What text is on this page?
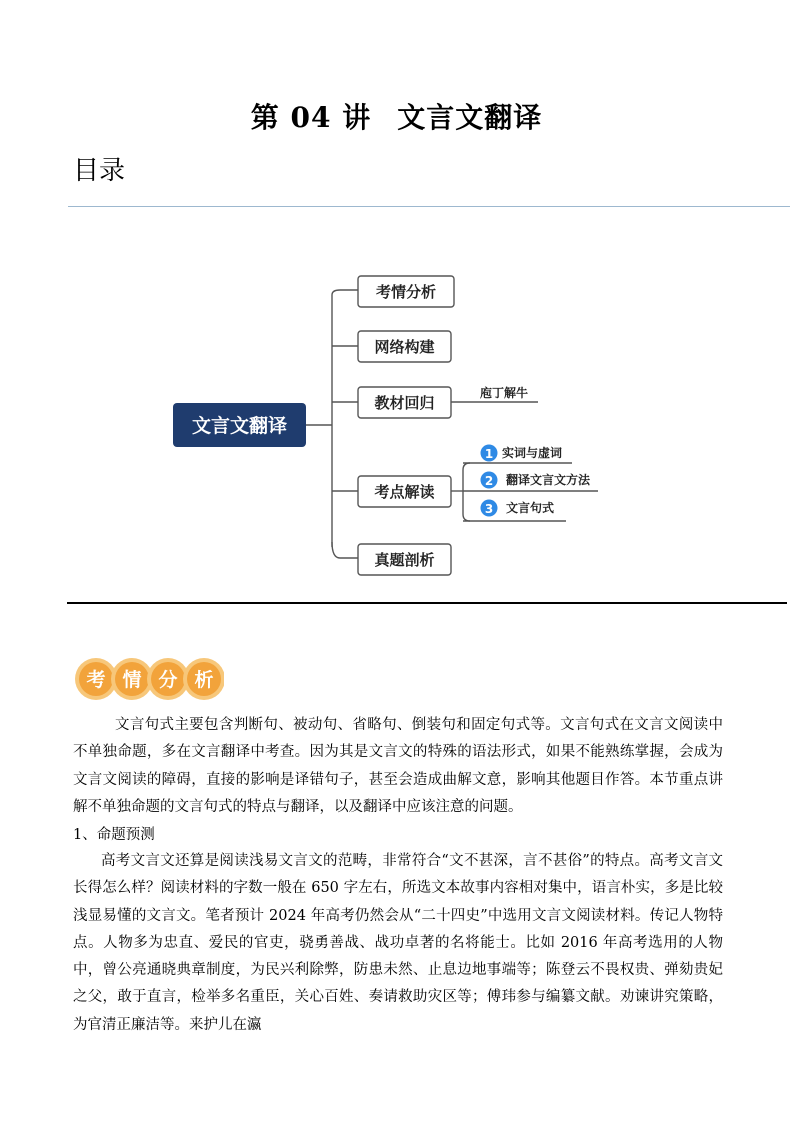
第 04 讲 文言文翻译
目录
文言文翻译
考情分析
网络构建
教材回归
庖丁解牛
考点解读
真题剖析
1 实词与虚词
2 翻译文言文方法
3 文言句式
考 情 分 析
文言句式主要包含判断句、被动句、省略句、倒装句和固定句式等。文言句式在文言文阅读中不单独命题，多在文言翻译中考查。因为其是文言文的特殊的语法形式，如果不能熟练掌握，会成为文言文阅读的障碍，直接的影响是译错句子，甚至会造成曲解文意，影响其他题目作答。本节重点讲解不单独命题的文言句式的特点与翻译，以及翻译中应该注意的问题。
1、命题预测
高考文言文还算是阅读浅易文言文的范畴，非常符合“文不甚深，言不甚俗”的特点。高考文言文长得怎么样？阅读材料的字数一般在 650 字左右，所选文本故事内容相对集中，语言朴实，多是比较浅显易懂的文言文。笔者预计 2024 年高考仍然会从“二十四史”中选用文言文阅读材料。传记人物特点。人物多为忠直、爱民的官吏，骁勇善战、战功卓著的名将能士。比如 2016 年高考选用的人物中，曾公亮通晓典章制度，为民兴利除弊，防患未然、止息边地事端等；陈登云不畏权贵、弹劾贵妃之父，敢于直言，检举多名重臣，关心百姓、奏请救助灾区等；傅玮参与编纂文献。劝谏讲究策略，为官清正廉洁等。来护儿在瀛
